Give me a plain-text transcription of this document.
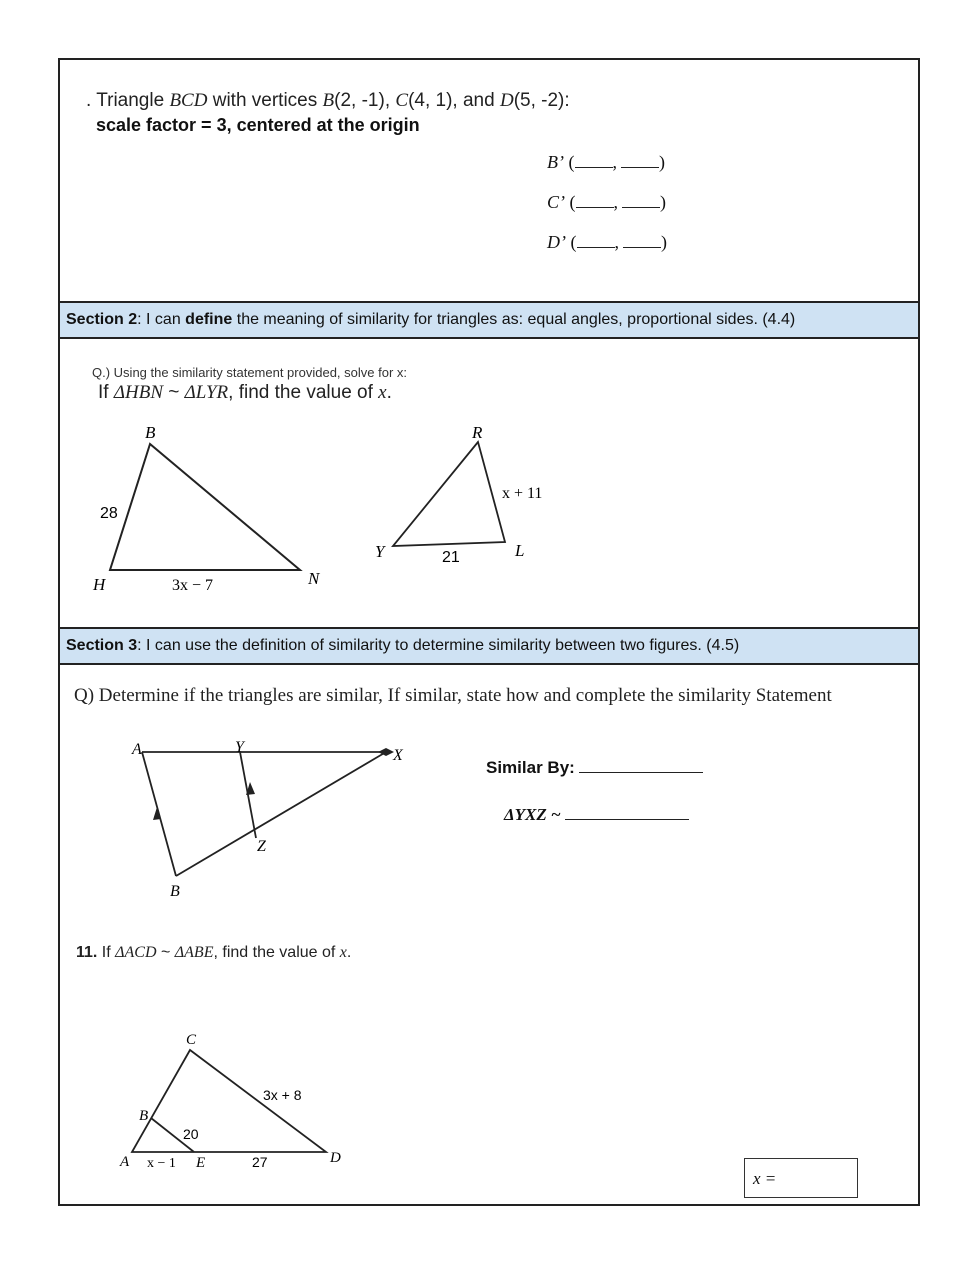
. Triangle BCD with vertices B(2, -1), C(4, 1), and D(5, -2):
scale factor = 3, centered at the origin
B’ ( , )
C’ ( , )
D’ ( , )
Section 2: I can define the meaning of similarity for triangles as: equal angles, proportional sides. (4.4)
Q.) Using the similarity statement provided, solve for x:
If ΔHBN ~ ΔLYR, find the value of x.
B
H	N
28
3x − 7
R
Y	L
x + 11
21
Section 3: I can use the definition of similarity to determine similarity between two figures. (4.5)
Q) Determine if the triangles are similar, If similar, state how and complete the similarity Statement
A	Y	X
Z
B
Similar By:
ΔYXZ ~
11. If ΔACD ~ ΔABE, find the value of x.
C
B
A	E	D
3x + 8
20
x − 1	27
x =
